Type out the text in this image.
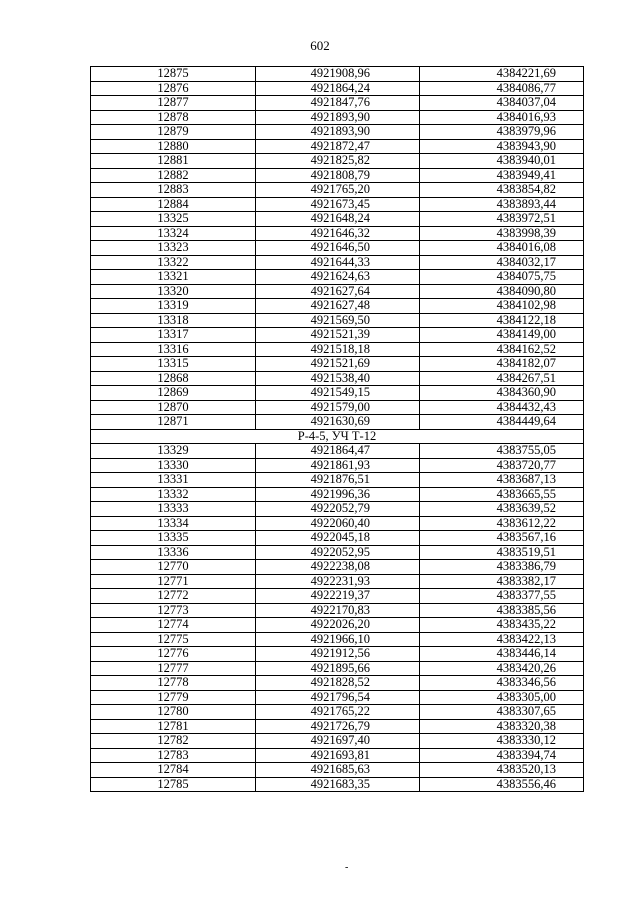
602
12875	4921908,96	4384221,69
12876	4921864,24	4384086,77
12877	4921847,76	4384037,04
12878	4921893,90	4384016,93
12879	4921893,90	4383979,96
12880	4921872,47	4383943,90
12881	4921825,82	4383940,01
12882	4921808,79	4383949,41
12883	4921765,20	4383854,82
12884	4921673,45	4383893,44
13325	4921648,24	4383972,51
13324	4921646,32	4383998,39
13323	4921646,50	4384016,08
13322	4921644,33	4384032,17
13321	4921624,63	4384075,75
13320	4921627,64	4384090,80
13319	4921627,48	4384102,98
13318	4921569,50	4384122,18
13317	4921521,39	4384149,00
13316	4921518,18	4384162,52
13315	4921521,69	4384182,07
12868	4921538,40	4384267,51
12869	4921549,15	4384360,90
12870	4921579,00	4384432,43
12871	4921630,69	4384449,64
Р-4-5, УЧ Т-12		
13329	4921864,47	4383755,05
13330	4921861,93	4383720,77
13331	4921876,51	4383687,13
13332	4921996,36	4383665,55
13333	4922052,79	4383639,52
13334	4922060,40	4383612,22
13335	4922045,18	4383567,16
13336	4922052,95	4383519,51
12770	4922238,08	4383386,79
12771	4922231,93	4383382,17
12772	4922219,37	4383377,55
12773	4922170,83	4383385,56
12774	4922026,20	4383435,22
12775	4921966,10	4383422,13
12776	4921912,56	4383446,14
12777	4921895,66	4383420,26
12778	4921828,52	4383346,56
12779	4921796,54	4383305,00
12780	4921765,22	4383307,65
12781	4921726,79	4383320,38
12782	4921697,40	4383330,12
12783	4921693,81	4383394,74
12784	4921685,63	4383520,13
12785	4921683,35	4383556,46
-
